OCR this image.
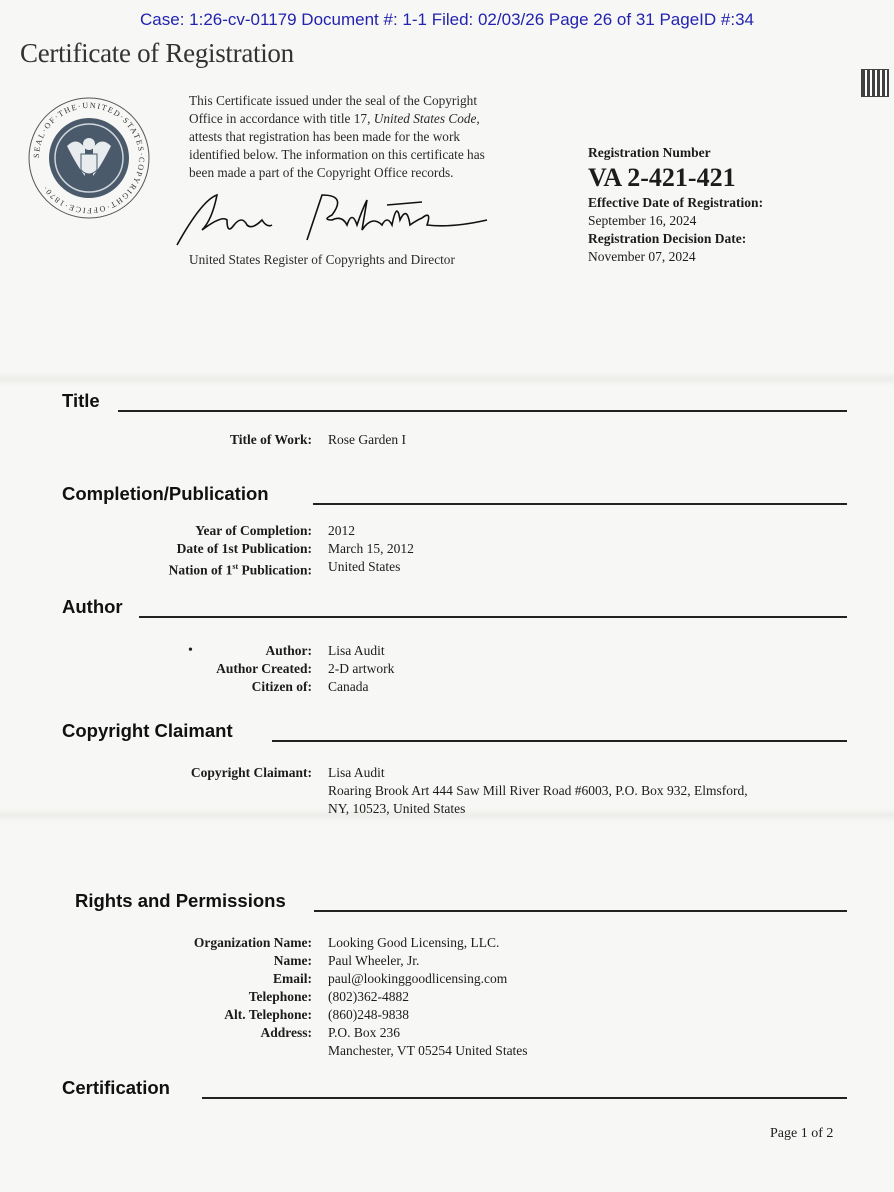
Case: 1:26-cv-01179 Document #: 1-1 Filed: 02/03/26 Page 26 of 31 PageID #:34
Certificate of Registration
SEAL·OF·THE·UNITED·STATES·COPYRIGHT·OFFICE·1870·
This Certificate issued under the seal of the Copyright
Office in accordance with title 17, United States Code,
attests that registration has been made for the work
identified below. The information on this certificate has
been made a part of the Copyright Office records.
United States Register of Copyrights and Director
Registration Number
VA 2-421-421
Effective Date of Registration:
September 16, 2024
Registration Decision Date:
November 07, 2024
Title
Title of Work: Rose Garden I
Completion/Publication
Year of Completion: 2012
Date of 1st Publication: March 15, 2012
Nation of 1st Publication: United States
Author
•	Author: Lisa Audit
Author Created: 2-D artwork
Citizen of: Canada
Copyright Claimant
Copyright Claimant: Lisa Audit
Roaring Brook Art 444 Saw Mill River Road #6003, P.O. Box 932, Elmsford,
NY, 10523, United States
Rights and Permissions
Organization Name: Looking Good Licensing, LLC.
Name: Paul Wheeler, Jr.
Email: paul@lookinggoodlicensing.com
Telephone: (802)362-4882
Alt. Telephone: (860)248-9838
Address: P.O. Box 236
Manchester, VT 05254 United States
Certification
Page 1 of 2
